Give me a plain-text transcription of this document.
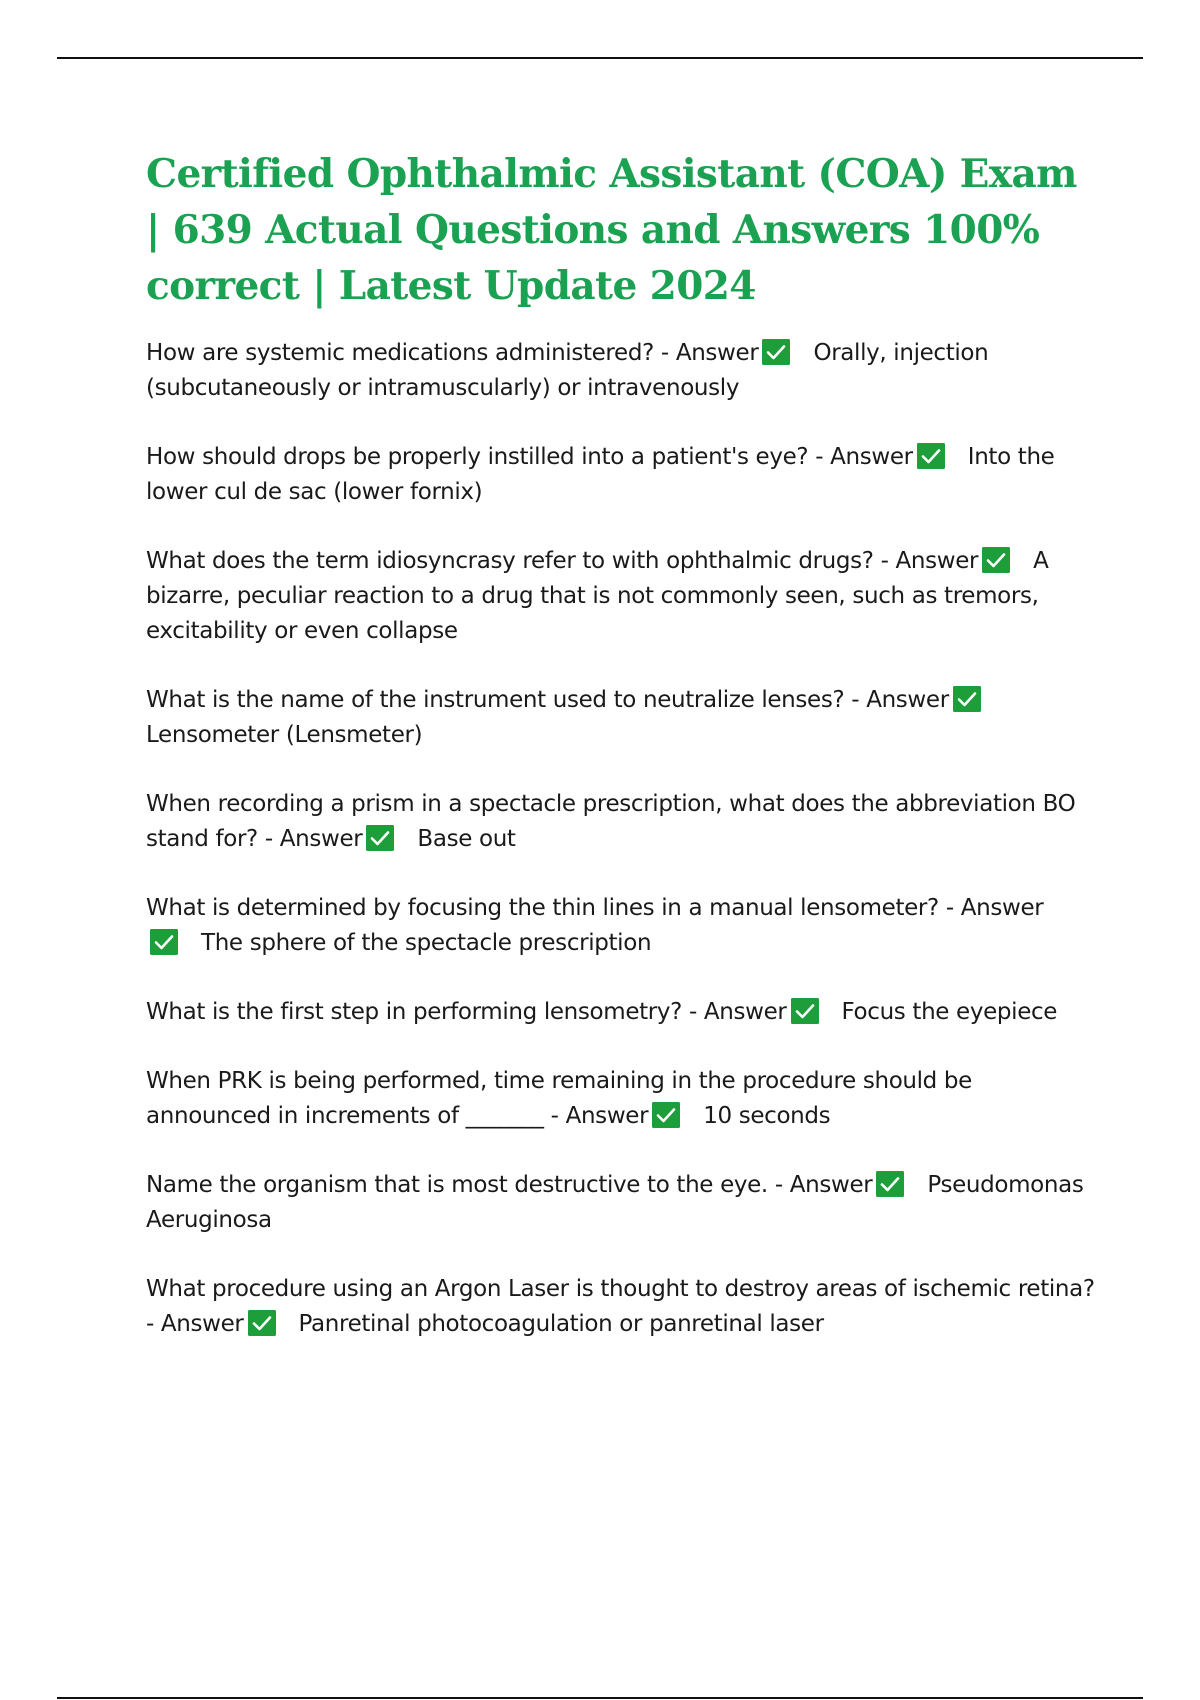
Certified Ophthalmic Assistant (COA) Exam | 639 Actual Questions and Answers 100% correct | Latest Update 2024

How are systemic medications administered? - Answer Orally, injection (subcutaneously or intramuscularly) or intravenously

How should drops be properly instilled into a patient's eye? - Answer Into the lower cul de sac (lower fornix)

What does the term idiosyncrasy refer to with ophthalmic drugs? - Answer A bizarre, peculiar reaction to a drug that is not commonly seen, such as tremors, excitability or even collapse

What is the name of the instrument used to neutralize lenses? - Answer
Lensometer (Lensmeter)

When recording a prism in a spectacle prescription, what does the abbreviation BO stand for? - Answer Base out

What is determined by focusing the thin lines in a manual lensometer? - Answer
The sphere of the spectacle prescription

What is the first step in performing lensometry? - Answer Focus the eyepiece

When PRK is being performed, time remaining in the procedure should be announced in increments of _______ - Answer 10 seconds

Name the organism that is most destructive to the eye. - Answer Pseudomonas Aeruginosa

What procedure using an Argon Laser is thought to destroy areas of ischemic retina? - Answer Panretinal photocoagulation or panretinal laser
